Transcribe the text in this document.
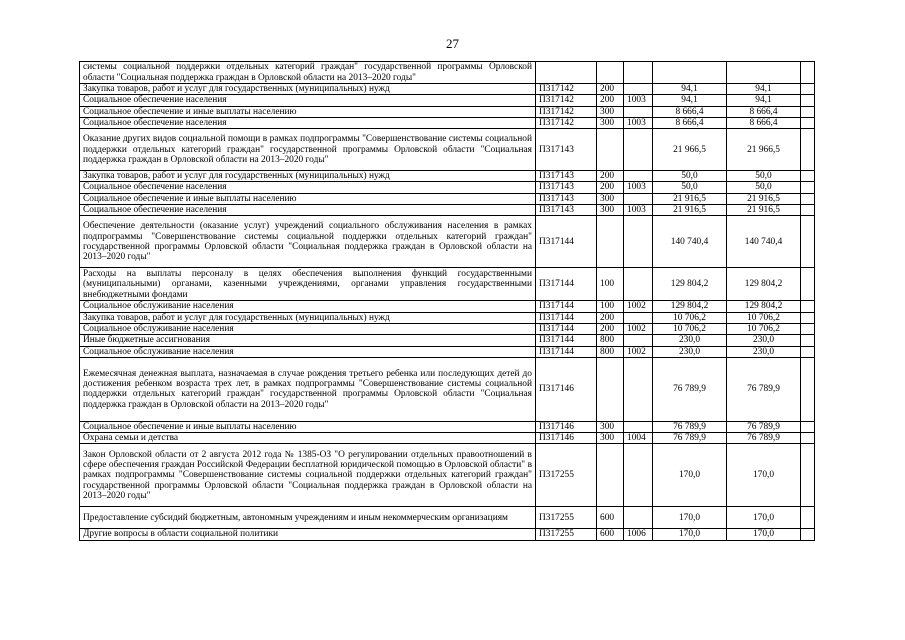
27
системы социальной поддержки отдельных категорий граждан" государственной программы Орловской области "Социальная поддержка граждан в Орловской области на 2013–2020 годы"						
Закупка товаров, работ и услуг для государственных (муниципальных) нужд	П317142	200		94,1	94,1	
Социальное обеспечение населения	П317142	200	1003	94,1	94,1	
Социальное обеспечение и иные выплаты населению	П317142	300		8 666,4	8 666,4	
Социальное обеспечение населения	П317142	300	1003	8 666,4	8 666,4	
Оказание других видов социальной помощи в рамках подпрограммы "Совершенствование системы социальной поддержки отдельных категорий граждан" государственной программы Орловской области "Социальная поддержка граждан в Орловской области на 2013–2020 годы"	П317143			21 966,5	21 966,5	
Закупка товаров, работ и услуг для государственных (муниципальных) нужд	П317143	200		50,0	50,0	
Социальное обеспечение населения	П317143	200	1003	50,0	50,0	
Социальное обеспечение и иные выплаты населению	П317143	300		21 916,5	21 916,5	
Социальное обеспечение населения	П317143	300	1003	21 916,5	21 916,5	
Обеспечение деятельности (оказание услуг) учреждений социального обслуживания населения в рамках подпрограммы "Совершенствование системы социальной поддержки отдельных категорий граждан" государственной программы Орловской области "Социальная поддержка граждан в Орловской области на 2013–2020 годы"	П317144			140 740,4	140 740,4	
Расходы на выплаты персоналу в целях обеспечения выполнения функций государственными (муниципальными) органами, казенными учреждениями, органами управления государственными внебюджетными фондами	П317144	100		129 804,2	129 804,2	
Социальное обслуживание населения	П317144	100	1002	129 804,2	129 804,2	
Закупка товаров, работ и услуг для государственных (муниципальных) нужд	П317144	200		10 706,2	10 706,2	
Социальное обслуживание населения	П317144	200	1002	10 706,2	10 706,2	
Иные бюджетные ассигнования	П317144	800		230,0	230,0	
Социальное обслуживание населения	П317144	800	1002	230,0	230,0	
Ежемесячная денежная выплата, назначаемая в случае рождения третьего ребенка или последующих детей до достижения ребенком возраста трех лет, в рамках подпрограммы "Совершенствование системы социальной поддержки отдельных категорий граждан" государственной программы Орловской области "Социальная поддержка граждан в Орловской области на 2013–2020 годы"	П317146			76 789,9	76 789,9	
Социальное обеспечение и иные выплаты населению	П317146	300		76 789,9	76 789,9	
Охрана семьи и детства	П317146	300	1004	76 789,9	76 789,9	
Закон Орловской области от 2 августа 2012 года № 1385-ОЗ "О регулировании отдельных правоотношений в сфере обеспечения граждан Российской Федерации бесплатной юридической помощью в Орловской области" в рамках подпрограммы "Совершенствование системы социальной поддержки отдельных категорий граждан" государственной программы Орловской области "Социальная поддержка граждан в Орловской области на 2013–2020 годы"	П317255			170,0	170,0	
Предоставление субсидий бюджетным, автономным учреждениям и иным некоммерческим организациям	П317255	600		170,0	170,0	
Другие вопросы в области социальной политики	П317255	600	1006	170,0	170,0	
